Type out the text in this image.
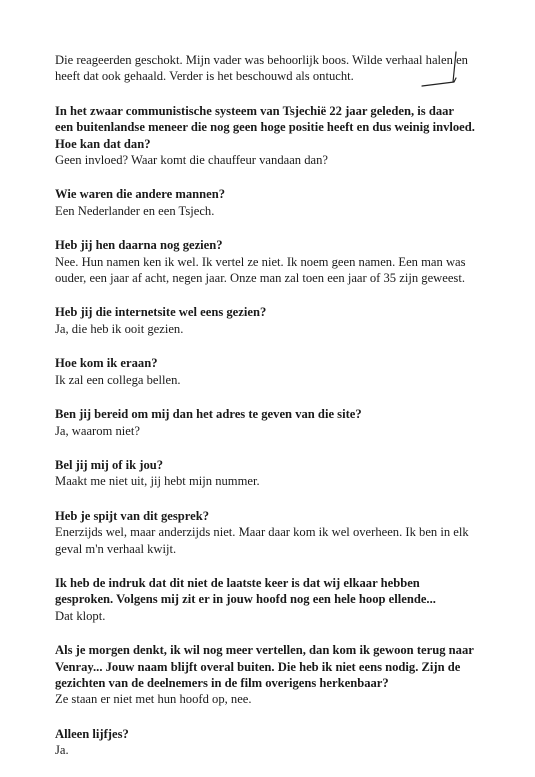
Die reageerden geschokt. Mijn vader was behoorlijk boos. Wilde verhaal halen en heeft dat ook gehaald. Verder is het beschouwd als ontucht.
In het zwaar communistische systeem van Tsjechië 22 jaar geleden, is daar een buitenlandse meneer die nog geen hoge positie heeft en dus weinig invloed. Hoe kan dat dan?
Geen invloed? Waar komt die chauffeur vandaan dan?
Wie waren die andere mannen?
Een Nederlander en een Tsjech.
Heb jij hen daarna nog gezien?
Nee. Hun namen ken ik wel. Ik vertel ze niet. Ik noem geen namen. Een man was ouder, een jaar af acht, negen jaar. Onze man zal toen een jaar of 35 zijn geweest.
Heb jij die internetsite wel eens gezien?
Ja, die heb ik ooit gezien.
Hoe kom ik eraan?
Ik zal een collega bellen.
Ben jij bereid om mij dan het adres te geven van die site?
Ja, waarom niet?
Bel jij mij of ik jou?
Maakt me niet uit, jij hebt mijn nummer.
Heb je spijt van dit gesprek?
Enerzijds wel, maar anderzijds niet. Maar daar kom ik wel overheen. Ik ben in elk geval m'n verhaal kwijt.
Ik heb de indruk dat dit niet de laatste keer is dat wij elkaar hebben gesproken. Volgens mij zit er in jouw hoofd nog een hele hoop ellende...
Dat klopt.
Als je morgen denkt, ik wil nog meer vertellen, dan kom ik gewoon terug naar Venray... Jouw naam blijft overal buiten. Die heb ik niet eens nodig. Zijn de gezichten van de deelnemers in de film overigens herkenbaar?
Ze staan er niet met hun hoofd op, nee.
Alleen lijfjes?
Ja.
